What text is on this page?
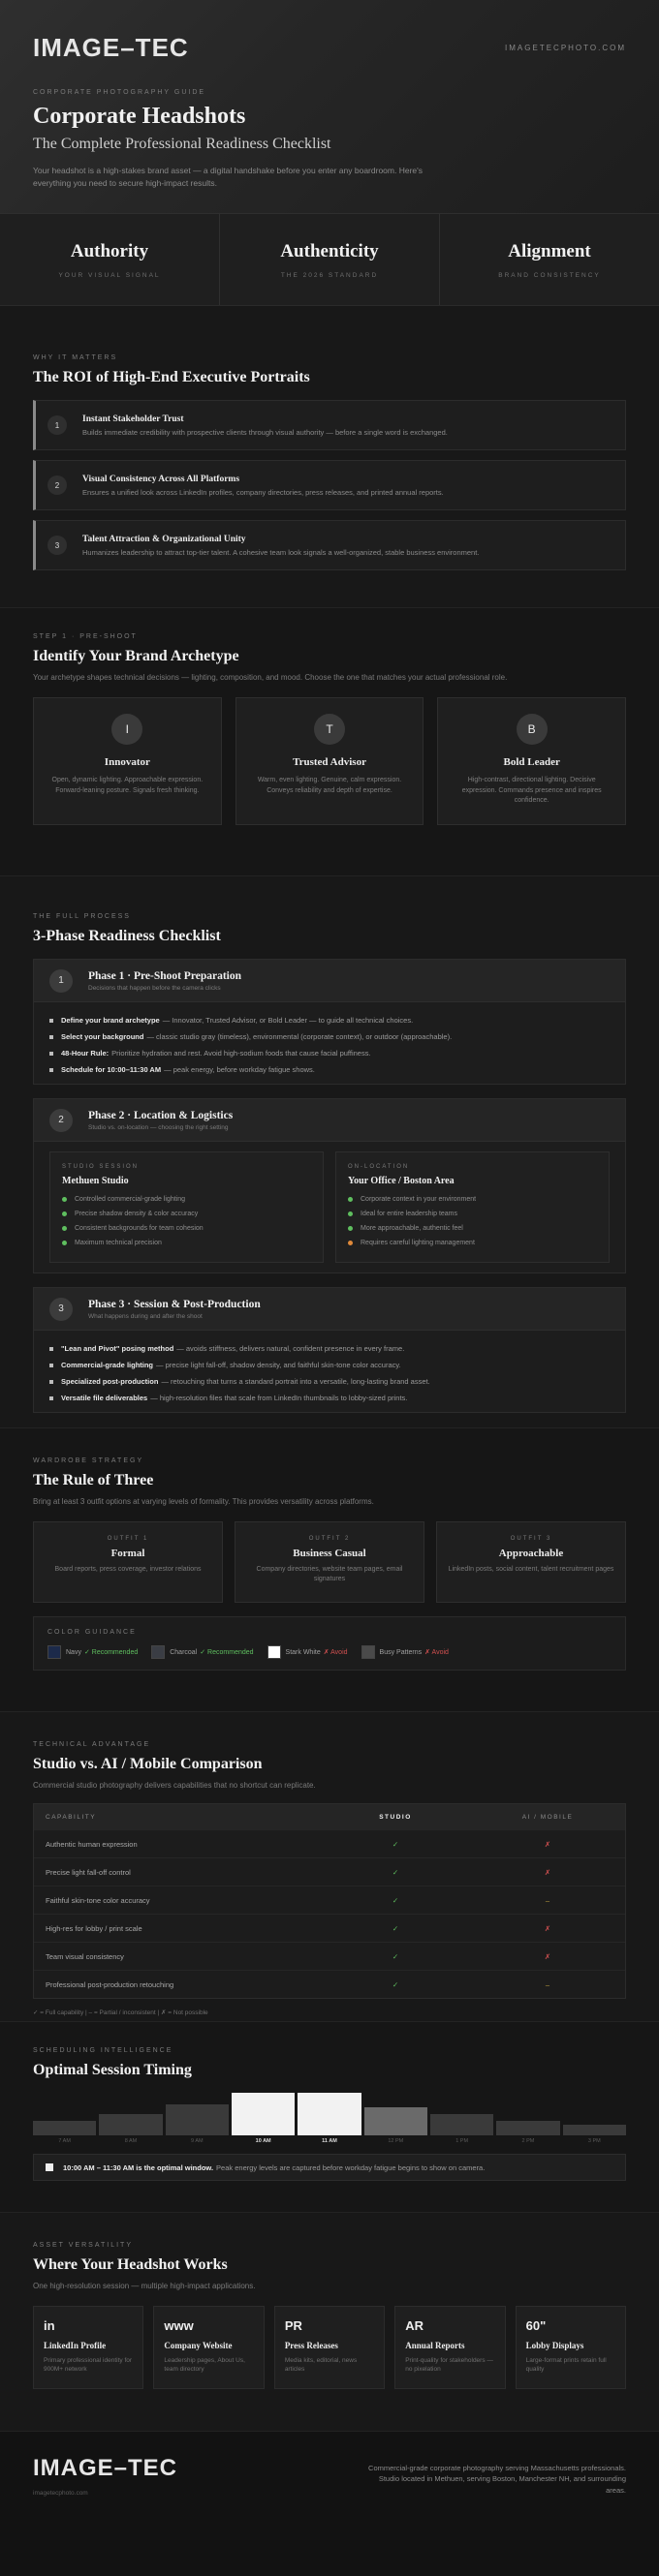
IMAGE–TEC	IMAGETECPHOTO.COM
CORPORATE PHOTOGRAPHY GUIDE
Corporate Headshots
The Complete Professional Readiness Checklist

Your headshot is a high-stakes brand asset — a digital handshake before you enter any boardroom. Here's everything you need to secure high-impact results.

Authority
YOUR VISUAL SIGNAL
Authenticity
THE 2026 STANDARD
Alignment
BRAND CONSISTENCY
WHY IT MATTERS
The ROI of High-End Executive Portraits
1
Instant Stakeholder Trust
Builds immediate credibility with prospective clients through visual authority — before a single word is exchanged.
2
Visual Consistency Across All Platforms
Ensures a unified look across LinkedIn profiles, company directories, press releases, and printed annual reports.
3
Talent Attraction & Organizational Unity
Humanizes leadership to attract top-tier talent. A cohesive team look signals a well-organized, stable business environment.
STEP 1 · PRE-SHOOT
Identify Your Brand Archetype
Your archetype shapes technical decisions — lighting, composition, and mood. Choose the one that matches your actual professional role.
I
Innovator
Open, dynamic lighting. Approachable expression. Forward-leaning posture. Signals fresh thinking.
T
Trusted Advisor
Warm, even lighting. Genuine, calm expression. Conveys reliability and depth of expertise.
B
Bold Leader
High-contrast, directional lighting. Decisive expression. Commands presence and inspires confidence.
THE FULL PROCESS
3-Phase Readiness Checklist
1	Phase 1 · Pre-Shoot Preparation
Decisions that happen before the camera clicks
Define your brand archetype — Innovator, Trusted Advisor, or Bold Leader — to guide all technical choices.
Select your background — classic studio gray (timeless), environmental (corporate context), or outdoor (approachable).
48-Hour Rule: Prioritize hydration and rest. Avoid high-sodium foods that cause facial puffiness.
Schedule for 10:00–11:30 AM — peak energy, before workday fatigue shows.
2	Phase 2 · Location & Logistics
Studio vs. on-location — choosing the right setting
STUDIO SESSION
Methuen Studio
Controlled commercial-grade lighting
Precise shadow density & color accuracy
Consistent backgrounds for team cohesion
Maximum technical precision
ON-LOCATION
Your Office / Boston Area
Corporate context in your environment
Ideal for entire leadership teams
More approachable, authentic feel
Requires careful lighting management
3	Phase 3 · Session & Post-Production
What happens during and after the shoot
"Lean and Pivot" posing method — avoids stiffness, delivers natural, confident presence in every frame.
Commercial-grade lighting — precise light fall-off, shadow density, and faithful skin-tone color accuracy.
Specialized post-production — retouching that turns a standard portrait into a versatile, long-lasting brand asset.
Versatile file deliverables — high-resolution files that scale from LinkedIn thumbnails to lobby-sized prints.
WARDROBE STRATEGY
The Rule of Three
Bring at least 3 outfit options at varying levels of formality. This provides versatility across platforms.
OUTFIT 1
Formal
Board reports, press coverage, investor relations
OUTFIT 2
Business Casual
Company directories, website team pages, email signatures
OUTFIT 3
Approachable
LinkedIn posts, social content, talent recruitment pages
COLOR GUIDANCE
Navy ✓ Recommended	Charcoal ✓ Recommended	Stark White ✗ Avoid	Busy Patterns ✗ Avoid
TECHNICAL ADVANTAGE
Studio vs. AI / Mobile Comparison
Commercial studio photography delivers capabilities that no shortcut can replicate.
CAPABILITY	STUDIO	AI / MOBILE
Authentic human expression	✓	✗
Precise light fall-off control	✓	✗
Faithful skin-tone color accuracy	✓	–
High-res for lobby / print scale	✓	✗
Team visual consistency	✓	✗
Professional post-production retouching	✓	–
✓ = Full capability | – = Partial / inconsistent | ✗ = Not possible
SCHEDULING INTELLIGENCE
Optimal Session Timing
7 AM	8 AM	9 AM	10 AM	11 AM	12 PM	1 PM	2 PM	3 PM
10:00 AM – 11:30 AM is the optimal window. Peak energy levels are captured before workday fatigue begins to show on camera.
ASSET VERSATILITY
Where Your Headshot Works
One high-resolution session — multiple high-impact applications.
in
LinkedIn Profile
Primary professional identity for 900M+ network
www
Company Website
Leadership pages, About Us, team directory
PR
Press Releases
Media kits, editorial, news articles
AR
Annual Reports
Print-quality for stakeholders — no pixelation
60"
Lobby Displays
Large-format prints retain full quality
IMAGE–TEC
imagetecphoto.com
Commercial-grade corporate photography serving Massachusetts professionals. Studio located in Methuen, serving Boston, Manchester NH, and surrounding areas.
